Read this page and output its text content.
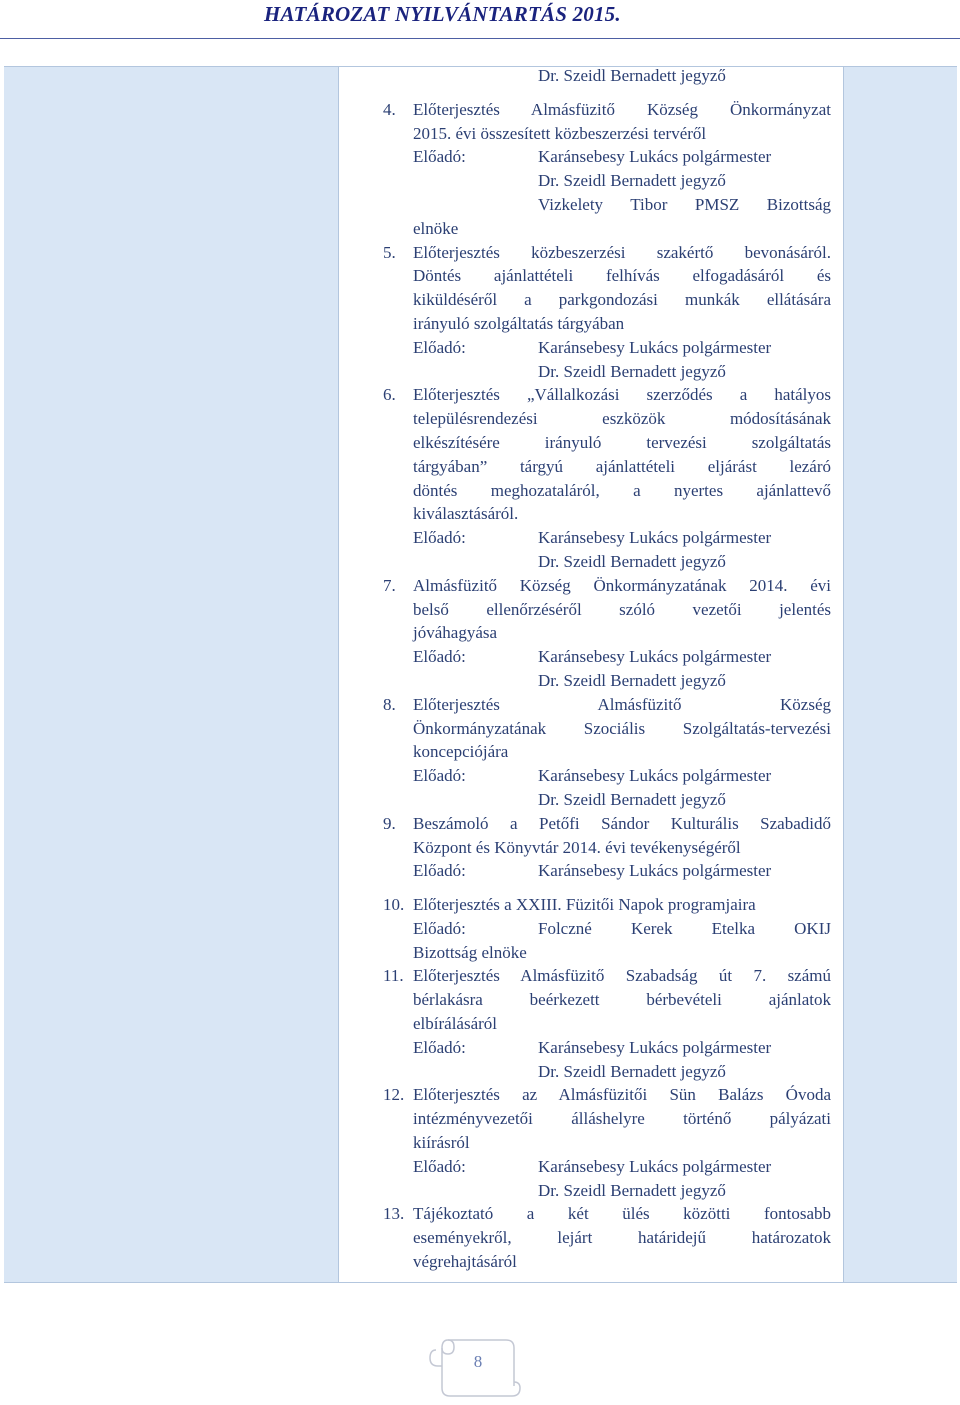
HATÁROZAT NYILVÁNTARTÁS 2015.
Dr. Szeidl Bernadett jegyző
4.	Előterjesztés Almásfüzitő Község Önkormányzat
2015. évi összesített közbeszerzési tervéről
Előadó:	Karánsebesy Lukács polgármester
Dr. Szeidl Bernadett jegyző
Vizkelety Tibor PMSZ Bizottság
elnöke
5.	Előterjesztés közbeszerzési szakértő bevonásáról.
Döntés ajánlattételi felhívás elfogadásáról és
kiküldéséről a parkgondozási munkák ellátására
irányuló szolgáltatás tárgyában
Előadó:	Karánsebesy Lukács polgármester
Dr. Szeidl Bernadett jegyző
6.	Előterjesztés „Vállalkozási szerződés a hatályos
településrendezési eszközök módosításának
elkészítésére irányuló tervezési szolgáltatás
tárgyában” tárgyú ajánlattételi eljárást lezáró
döntés meghozataláról, a nyertes ajánlattevő
kiválasztásáról.
Előadó:	Karánsebesy Lukács polgármester
Dr. Szeidl Bernadett jegyző
7.	Almásfüzitő Község Önkormányzatának 2014. évi
belső ellenőrzéséről szóló vezetői jelentés
jóváhagyása
Előadó:	Karánsebesy Lukács polgármester
Dr. Szeidl Bernadett jegyző
8.	Előterjesztés Almásfüzitő Község
Önkormányzatának Szociális Szolgáltatás-tervezési
koncepciójára
Előadó:	Karánsebesy Lukács polgármester
Dr. Szeidl Bernadett jegyző
9.	Beszámoló a Petőfi Sándor Kulturális Szabadidő
Központ és Könyvtár 2014. évi tevékenységéről
Előadó:	Karánsebesy Lukács polgármester
10. Előterjesztés a XXIII. Füzitői Napok programjaira
Előadó:	Folczné Kerek Etelka OKIJ
Bizottság elnöke
11. Előterjesztés Almásfüzitő Szabadság út 7. számú
bérlakásra beérkezett bérbevételi ajánlatok
elbírálásáról
Előadó:	Karánsebesy Lukács polgármester
Dr. Szeidl Bernadett jegyző
12. Előterjesztés az Almásfüzitői Sün Balázs Óvoda
intézményvezetői álláshelyre történő pályázati
kiírásról
Előadó:	Karánsebesy Lukács polgármester
Dr. Szeidl Bernadett jegyző
13. Tájékoztató a két ülés közötti fontosabb
eseményekről, lejárt határidejű határozatok
végrehajtásáról
8
